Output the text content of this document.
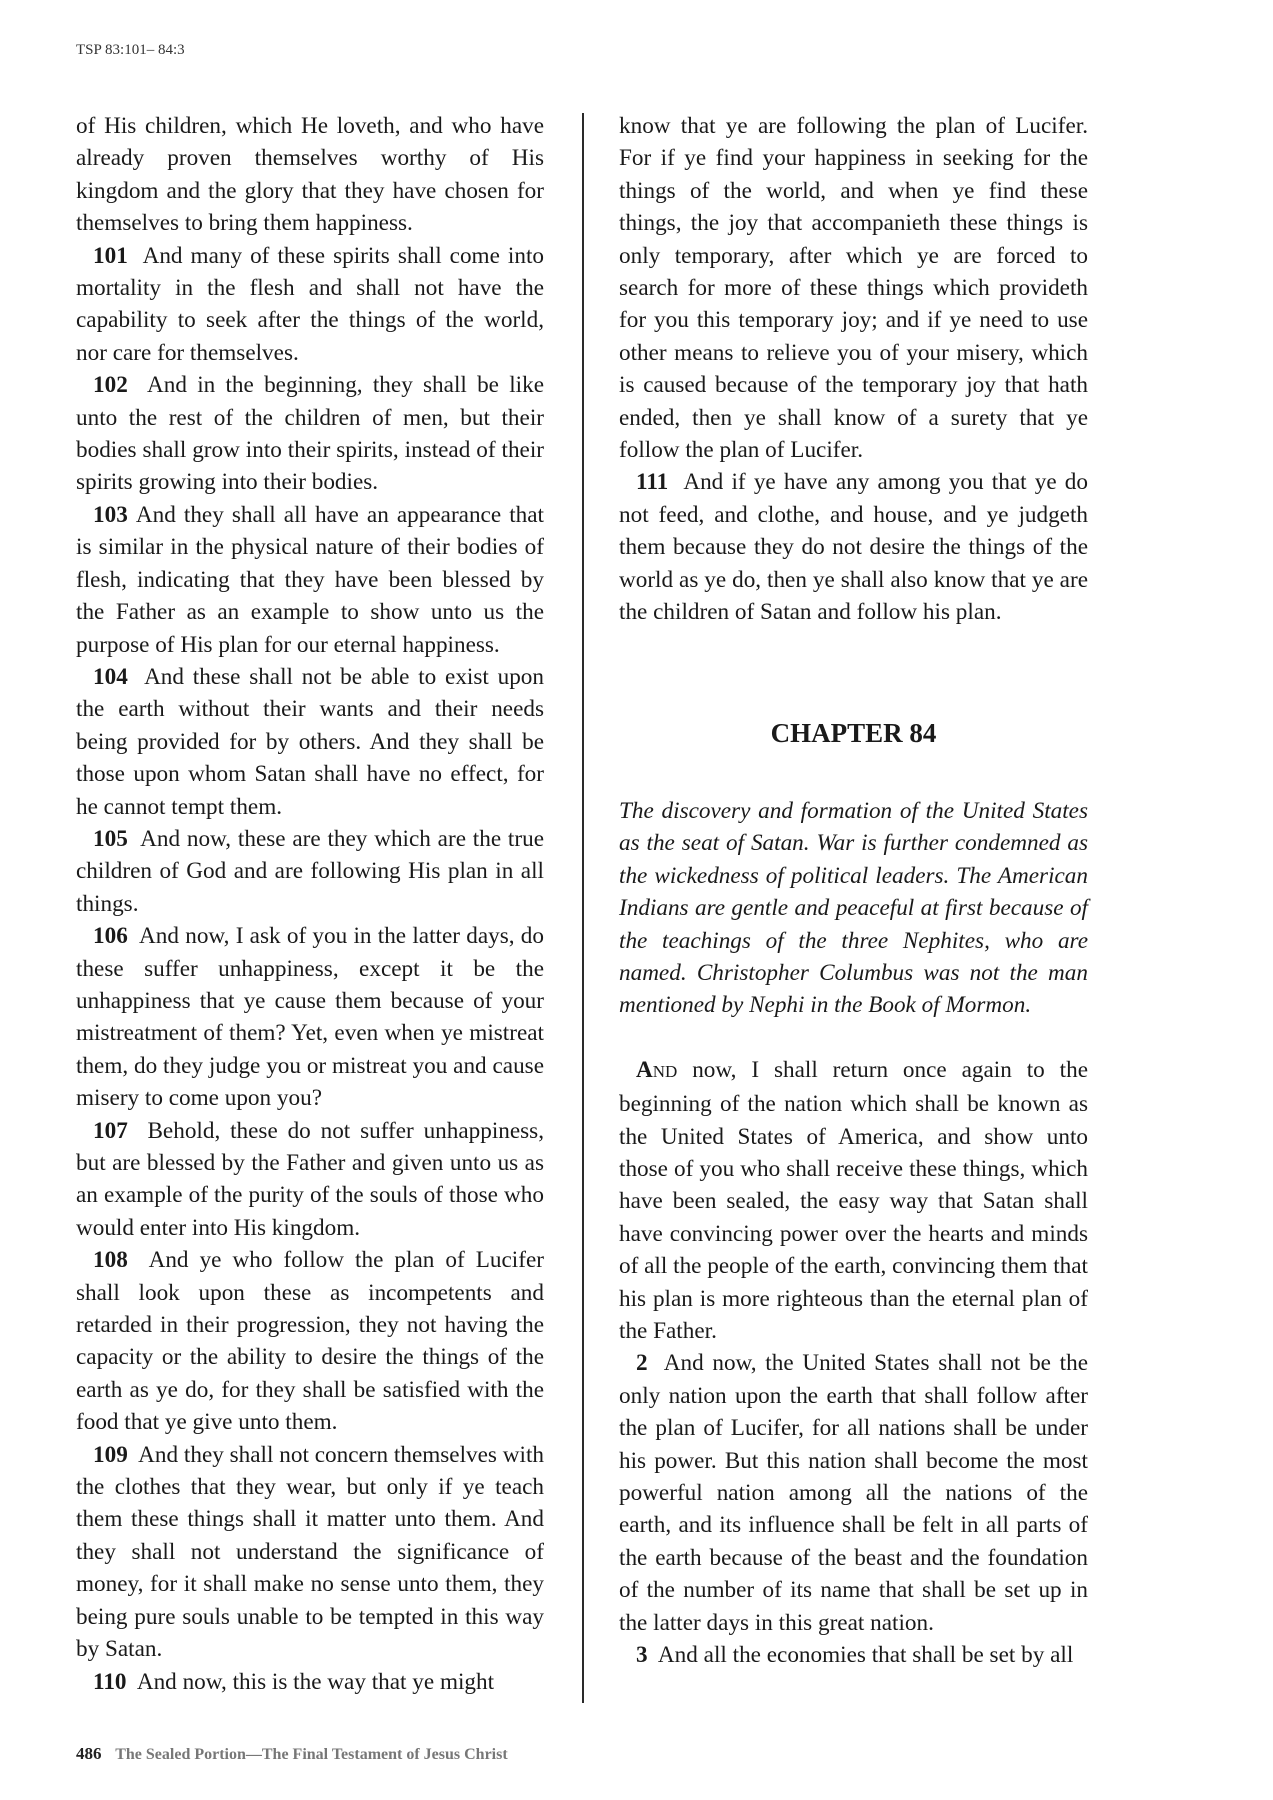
TSP 83:101– 84:3

of His children, which He loveth, and who have already proven themselves worthy of His kingdom and the glory that they have chosen for themselves to bring them happiness.

101 And many of these spirits shall come into mortality in the flesh and shall not have the capability to seek after the things of the world, nor care for themselves.

102 And in the beginning, they shall be like unto the rest of the children of men, but their bodies shall grow into their spirits, instead of their spirits growing into their bodies.

103 And they shall all have an appearance that is similar in the physical nature of their bodies of flesh, indicating that they have been blessed by the Father as an example to show unto us the purpose of His plan for our eternal happiness.

104 And these shall not be able to exist upon the earth without their wants and their needs being provided for by others. And they shall be those upon whom Satan shall have no effect, for he cannot tempt them.

105 And now, these are they which are the true children of God and are following His plan in all things.

106 And now, I ask of you in the latter days, do these suffer unhappiness, except it be the unhappiness that ye cause them because of your mistreatment of them? Yet, even when ye mistreat them, do they judge you or mistreat you and cause misery to come upon you?

107 Behold, these do not suffer unhappiness, but are blessed by the Father and given unto us as an example of the purity of the souls of those who would enter into His kingdom.

108 And ye who follow the plan of Lucifer shall look upon these as incompetents and retarded in their progression, they not having the capacity or the ability to desire the things of the earth as ye do, for they shall be satisfied with the food that ye give unto them.

109 And they shall not concern themselves with the clothes that they wear, but only if ye teach them these things shall it matter unto them. And they shall not understand the significance of money, for it shall make no sense unto them, they being pure souls unable to be tempted in this way by Satan.

110 And now, this is the way that ye might

know that ye are following the plan of Lucifer. For if ye find your happiness in seeking for the things of the world, and when ye find these things, the joy that accompanieth these things is only temporary, after which ye are forced to search for more of these things which provideth for you this temporary joy; and if ye need to use other means to relieve you of your misery, which is caused because of the temporary joy that hath ended, then ye shall know of a surety that ye follow the plan of Lucifer.

111 And if ye have any among you that ye do not feed, and clothe, and house, and ye judgeth them because they do not desire the things of the world as ye do, then ye shall also know that ye are the children of Satan and follow his plan.

CHAPTER 84

The discovery and formation of the United States as the seat of Satan. War is further condemned as the wickedness of political leaders. The American Indians are gentle and peaceful at first because of the teachings of the three Nephites, who are named. Christopher Columbus was not the man mentioned by Nephi in the Book of Mormon.

AND now, I shall return once again to the beginning of the nation which shall be known as the United States of America, and show unto those of you who shall receive these things, which have been sealed, the easy way that Satan shall have convincing power over the hearts and minds of all the people of the earth, convincing them that his plan is more righteous than the eternal plan of the Father.

2 And now, the United States shall not be the only nation upon the earth that shall follow after the plan of Lucifer, for all nations shall be under his power. But this nation shall become the most powerful nation among all the nations of the earth, and its influence shall be felt in all parts of the earth because of the beast and the foundation of the number of its name that shall be set up in the latter days in this great nation.

3 And all the economies that shall be set by all

486 The Sealed Portion—The Final Testament of Jesus Christ
